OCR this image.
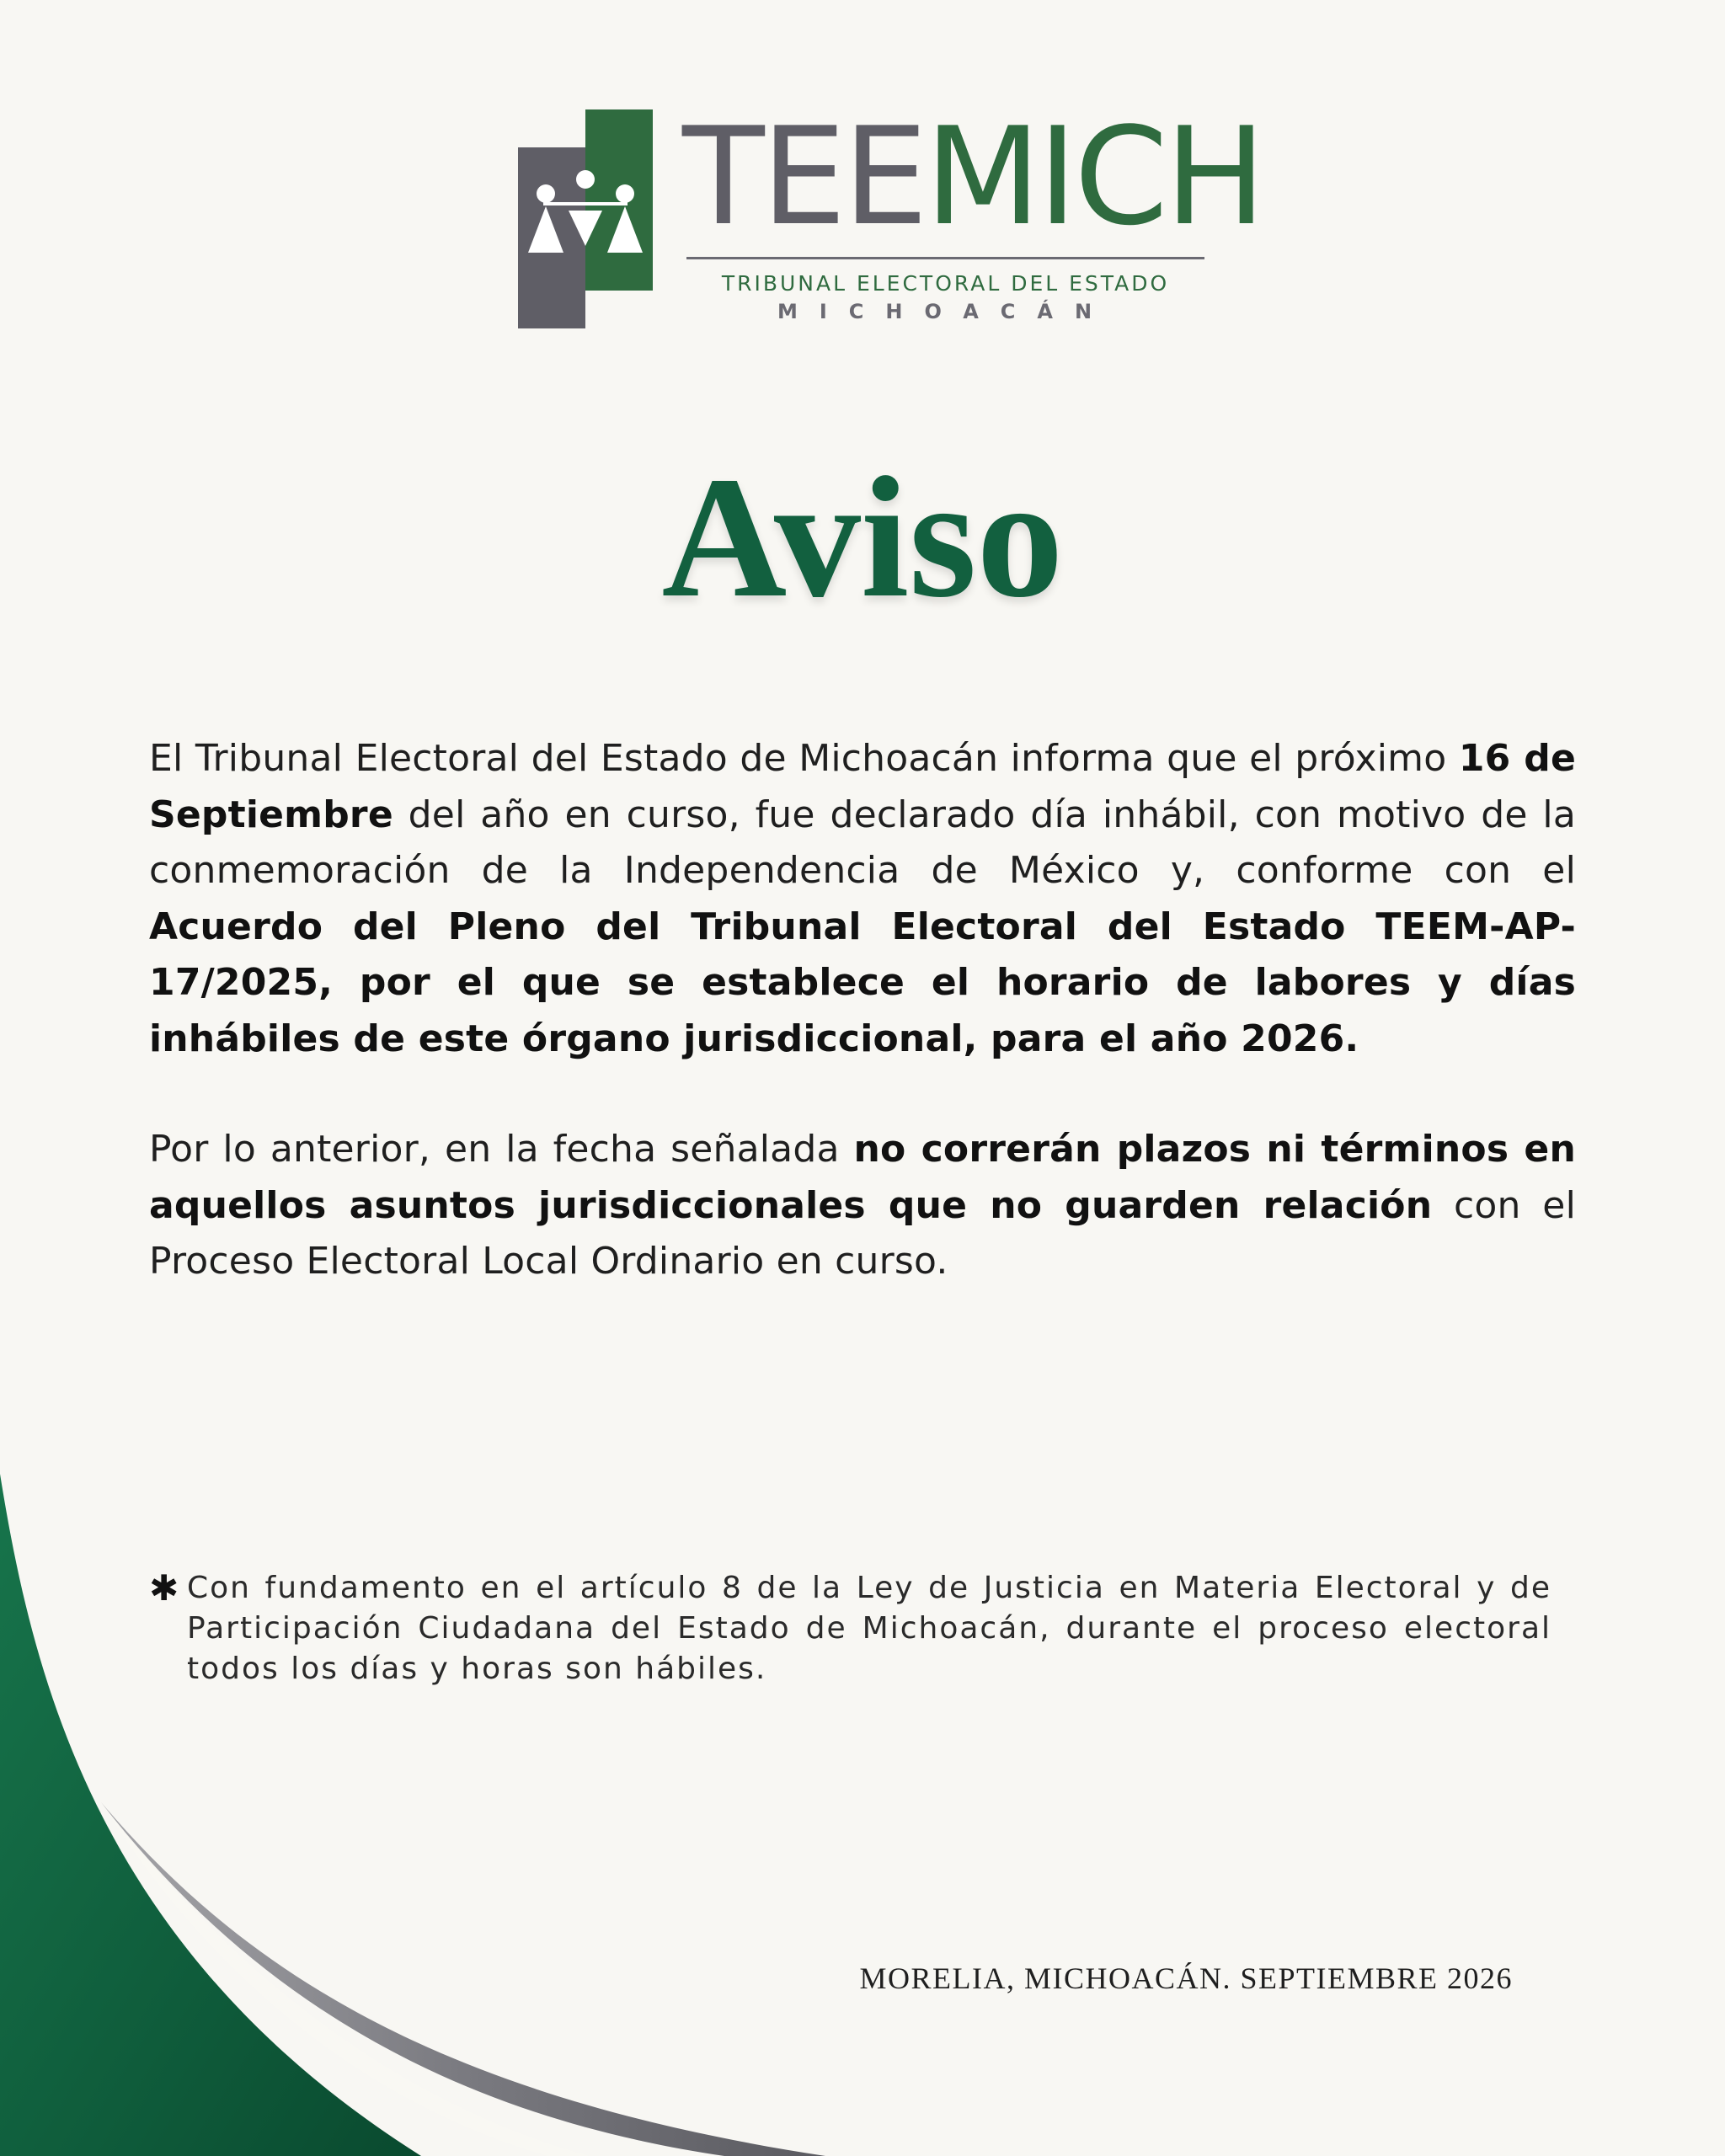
TEEMICH
TRIBUNAL ELECTORAL DEL ESTADO
MICHOACÁN
Aviso
El Tribunal Electoral del Estado de Michoacán informa que el próximo 16 de Septiembre del año en curso, fue declarado día inhábil, con motivo de la conmemoración de la Independencia de México y, conforme con el Acuerdo del Pleno del Tribunal Electoral del Estado TEEM-AP-17/2025, por el que se establece el horario de labores y días inhábiles de este órgano jurisdiccional, para el año 2026.
Por lo anterior, en la fecha señalada no correrán plazos ni términos en aquellos asuntos jurisdiccionales que no guarden relación con el Proceso Electoral Local Ordinario en curso.
✱ Con fundamento en el artículo 8 de la Ley de Justicia en Materia Electoral y de Participación Ciudadana del Estado de Michoacán, durante el proceso electoral todos los días y horas son hábiles.
MORELIA, MICHOACÁN. SEPTIEMBRE 2026
